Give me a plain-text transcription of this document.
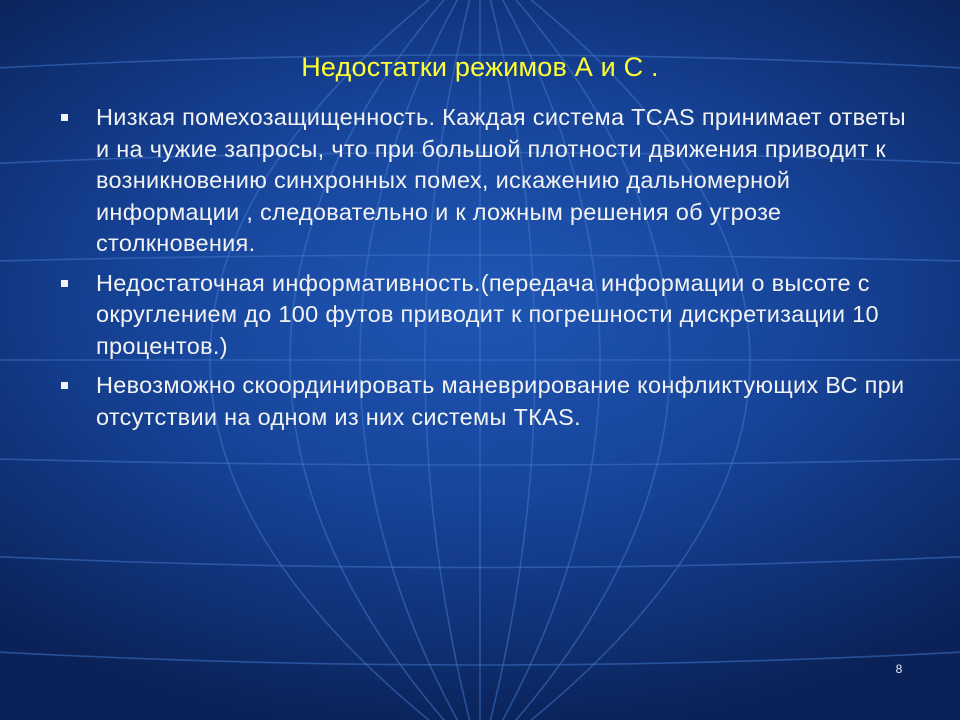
Недостатки режимов А и С .
Низкая помехозащищенность. Каждая система TCAS принимает ответы и на чужие запросы, что при большой плотности движения приводит к возникновению синхронных помех, искажению дальномерной информации , следовательно и к ложным решения об угрозе столкновения.
Недостаточная информативность.(передача информации о высоте с округлением до 100 футов приводит к погрешности дискретизации 10 процентов.)
Невозможно скоординировать маневрирование конфликтующих ВС при отсутствии на одном из них системы ТКАS.
8
